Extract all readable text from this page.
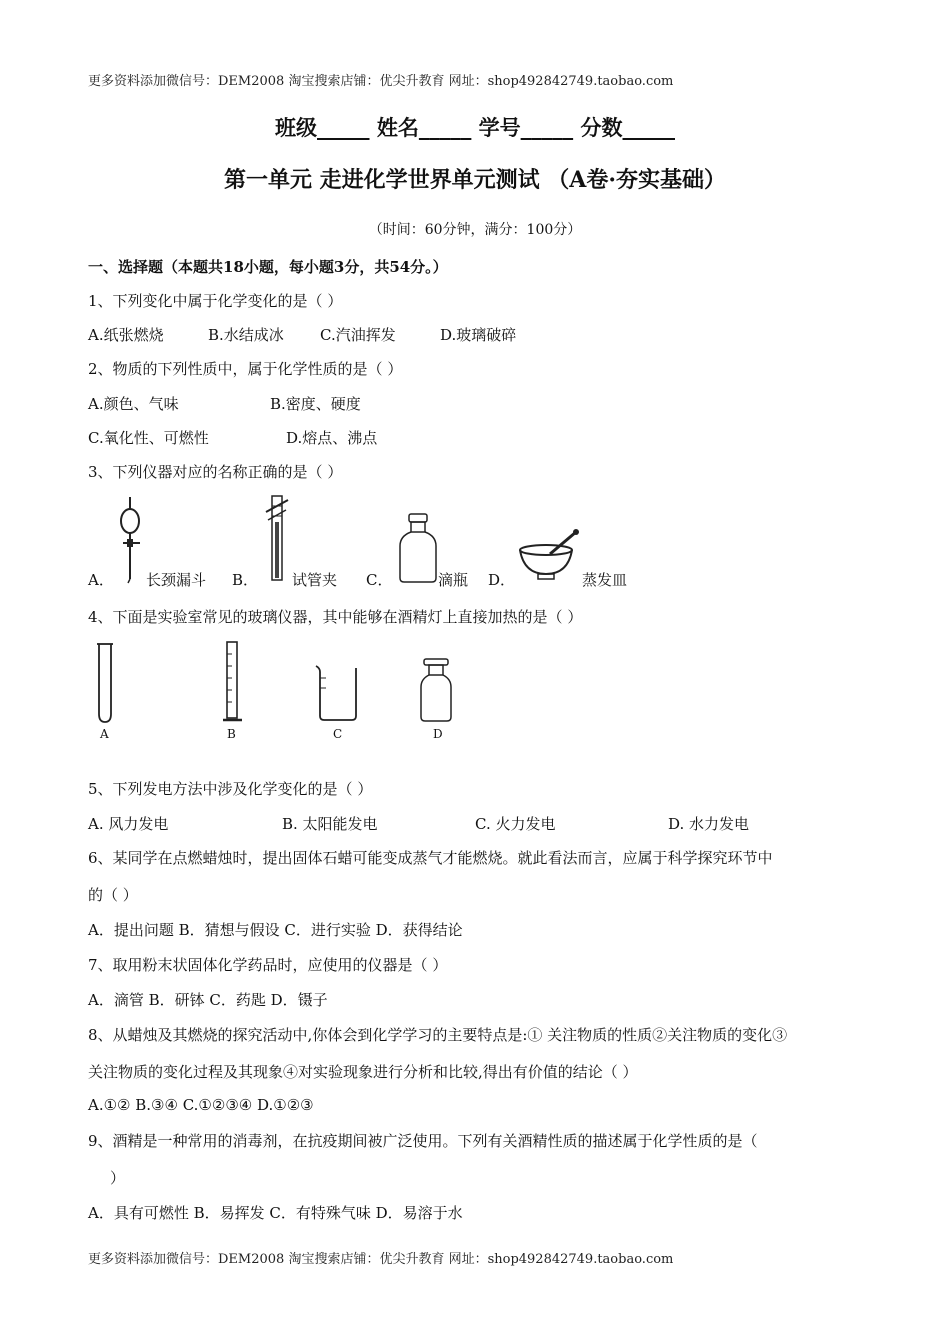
更多资料添加微信号：DEM2008 淘宝搜索店铺：优尖升教育 网址：shop492842749.taobao.com
班级_____ 姓名_____ 学号_____ 分数_____
第一单元 走进化学世界单元测试 （A卷·夯实基础）
（时间：60分钟，满分：100分）
一、选择题（本题共18小题，每小题3分，共54分。）
1、下列变化中属于化学变化的是（ ）
A.纸张燃烧	B.水结成冰 C.汽油挥发	D.玻璃破碎
2、物质的下列性质中，属于化学性质的是（ ）
A.颜色、气味	B.密度、硬度
C.氧化性、可燃性	D.熔点、沸点
3、下列仪器对应的名称正确的是（ ）
A． 长颈漏斗 B． 试管夹 C．	滴瓶 D．	蒸发皿
4、下面是实验室常见的玻璃仪器，其中能够在酒精灯上直接加热的是（ ）
A	B	C	D
5、下列发电方法中涉及化学变化的是（ ）
A. 风力发电	B. 太阳能发电	C. 火力发电	D. 水力发电
6、某同学在点燃蜡烛时，提出固体石蜡可能变成蒸气才能燃烧。就此看法而言，应属于科学探究环节中
的（ ）
A．提出问题 B．猜想与假设 C．进行实验 D．获得结论
7、取用粉末状固体化学药品时，应使用的仪器是（ ）
A．滴管 B．研钵 C．药匙 D．镊子
8、从蜡烛及其燃烧的探究活动中,你体会到化学学习的主要特点是:① 关注物质的性质②关注物质的变化③
关注物质的变化过程及其现象④对实验现象进行分析和比较,得出有价值的结论（ ）
A.①② B.③④ C.①②③④ D.①②③
9、酒精是一种常用的消毒剂，在抗疫期间被广泛使用。下列有关酒精性质的描述属于化学性质的是（
）
A．具有可燃性 B．易挥发 C．有特殊气味 D．易溶于水
更多资料添加微信号：DEM2008 淘宝搜索店铺：优尖升教育 网址：shop492842749.taobao.com
